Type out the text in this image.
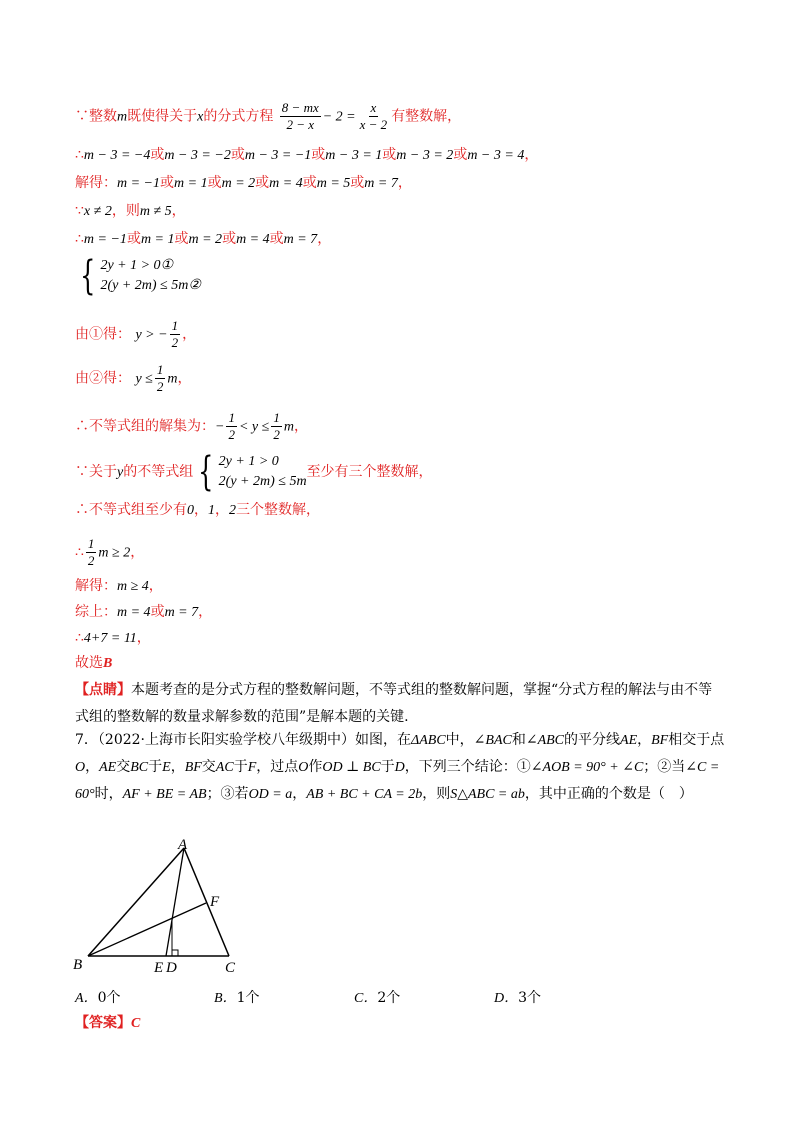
∵整数m既使得关于x的分式方程 $\frac{8 - mx}{2 - x} - 2 = \frac{x}{x - 2}$ 有整数解，
∴m − 3 = −4或m − 3 = −2或m − 3 = −1或m − 3 = 1或m − 3 = 2或m − 3 = 4，
解得：m = −1或m = 1或m = 2或m = 4或m = 5或m = 7，
∵x ≠ 2，则m ≠ 5，
∴m = −1或m = 1或m = 2或m = 4或m = 7，
{ 2y + 1 > 0①
2(y + 2m) ≤ 5m②
由①得： y > − $\frac{1}{2}$ ，
由②得： $y \le \frac{1}{2}$ m，
∴不等式组的解集为：− $\frac{1}{2} < y \le \frac{1}{2}$ m，
∵关于y的不等式组 { 2y + 1 > 0
2(y + 2m) ≤ 5m
至少有三个整数解，
∴不等式组至少有0，1，2三个整数解，
∴ $\frac{1}{2}$ m ≥ 2，
解得：m ≥ 4，
综上：m = 4或m = 7，
∴4+7 = 11，
故选B
【点睛】本题考查的是分式方程的整数解问题，不等式组的整数解问题，掌握“分式方程的解法与由不等式组的整数解的数量求解参数的范围”是解本题的关键.
7．（2022·上海市长阳实验学校八年级期中）如图，在ΔABC中，∠BAC和∠ABC的平分线AE，BF相交于点O，AE交BC于E，BF交AC于F，过点O作OD ⊥ BC于D，下列三个结论：①∠AOB = 90° + ∠C；②当∠C = 60°时，AF + BE = AB；③若OD = a，AB + BC + CA = 2b，则S△ABC = ab，其中正确的个数是（　）
A
F
B	E D	C
A．0个	B．1个	C．2个	D．3个
【答案】C
